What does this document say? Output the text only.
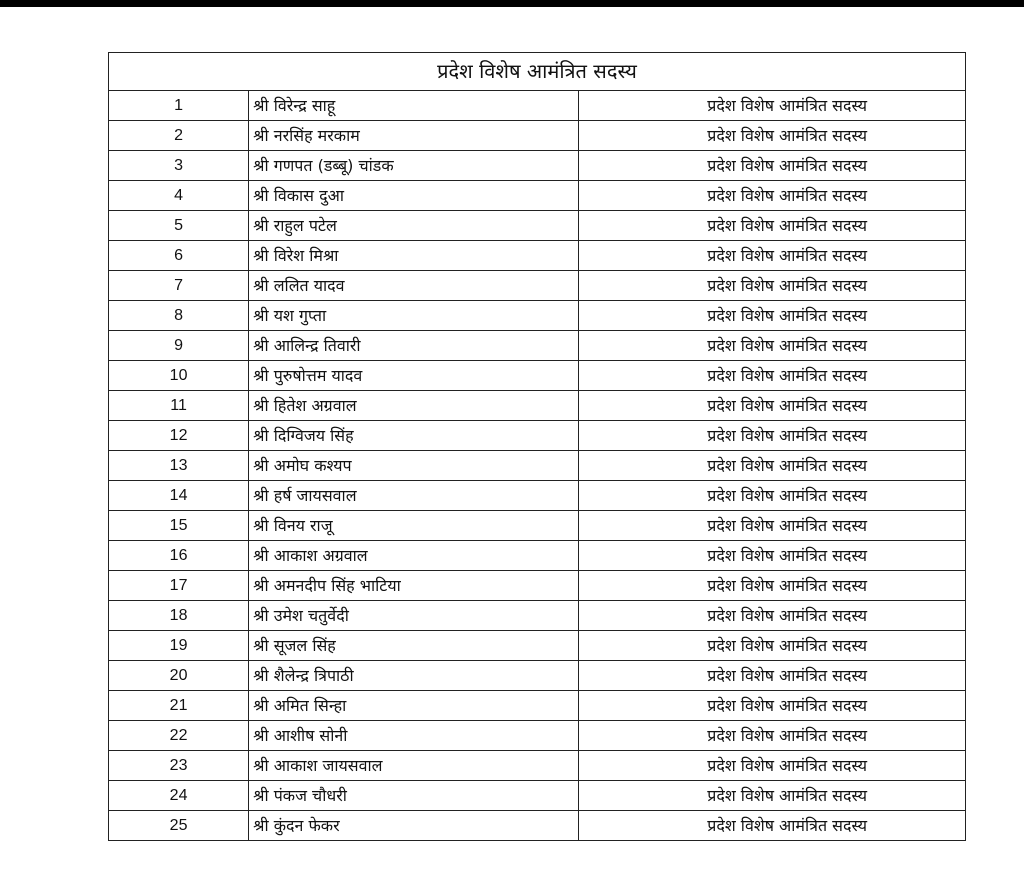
प्रदेश विशेष आमंत्रित सदस्य		
1	श्री विरेन्द्र साहू	प्रदेश विशेष आमंत्रित सदस्य
2	श्री नरसिंह मरकाम	प्रदेश विशेष आमंत्रित सदस्य
3	श्री गणपत (डब्बू) चांडक	प्रदेश विशेष आमंत्रित सदस्य
4	श्री विकास दुआ	प्रदेश विशेष आमंत्रित सदस्य
5	श्री राहुल पटेल	प्रदेश विशेष आमंत्रित सदस्य
6	श्री विरेश मिश्रा	प्रदेश विशेष आमंत्रित सदस्य
7	श्री ललित यादव	प्रदेश विशेष आमंत्रित सदस्य
8	श्री यश गुप्ता	प्रदेश विशेष आमंत्रित सदस्य
9	श्री आलिन्द्र तिवारी	प्रदेश विशेष आमंत्रित सदस्य
10	श्री पुरुषोत्तम यादव	प्रदेश विशेष आमंत्रित सदस्य
11	श्री हितेश अग्रवाल	प्रदेश विशेष आमंत्रित सदस्य
12	श्री दिग्विजय सिंह	प्रदेश विशेष आमंत्रित सदस्य
13	श्री अमोघ कश्यप	प्रदेश विशेष आमंत्रित सदस्य
14	श्री हर्ष जायसवाल	प्रदेश विशेष आमंत्रित सदस्य
15	श्री विनय राजू	प्रदेश विशेष आमंत्रित सदस्य
16	श्री आकाश अग्रवाल	प्रदेश विशेष आमंत्रित सदस्य
17	श्री अमनदीप सिंह भाटिया	प्रदेश विशेष आमंत्रित सदस्य
18	श्री उमेश चतुर्वेदी	प्रदेश विशेष आमंत्रित सदस्य
19	श्री सूजल सिंह	प्रदेश विशेष आमंत्रित सदस्य
20	श्री शैलेन्द्र त्रिपाठी	प्रदेश विशेष आमंत्रित सदस्य
21	श्री अमित सिन्हा	प्रदेश विशेष आमंत्रित सदस्य
22	श्री आशीष सोनी	प्रदेश विशेष आमंत्रित सदस्य
23	श्री आकाश जायसवाल	प्रदेश विशेष आमंत्रित सदस्य
24	श्री पंकज चौधरी	प्रदेश विशेष आमंत्रित सदस्य
25	श्री कुंदन फेकर	प्रदेश विशेष आमंत्रित सदस्य
